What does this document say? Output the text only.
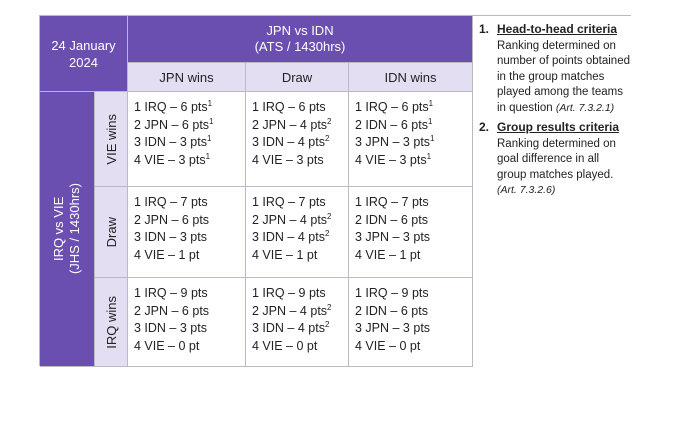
24 January
2024
JPN vs IDN
(ATS / 1430hrs)
JPN wins	Draw	IDN wins
IRQ vs VIE (JHS / 1430hrs)
VIE wins
Draw
IRQ wins
1 IRQ – 6 pts$^1$
2 JPN – 6 pts$^1$
3 IDN – 3 pts$^1$
4 VIE – 3 pts$^1$
1 IRQ – 6 pts
2 JPN – 4 pts$^2$
3 IDN – 4 pts$^2$
4 VIE – 3 pts
1 IRQ – 6 pts$^1$
2 IDN – 6 pts$^1$
3 JPN – 3 pts$^1$
4 VIE – 3 pts$^1$
1 IRQ – 7 pts
2 JPN – 6 pts
3 IDN – 3 pts
4 VIE – 1 pt
1 IRQ – 7 pts
2 JPN – 4 pts$^2$
3 IDN – 4 pts$^2$
4 VIE – 1 pt
1 IRQ – 7 pts
2 IDN – 6 pts
3 JPN – 3 pts
4 VIE – 1 pt
1 IRQ – 9 pts
2 JPN – 6 pts
3 IDN – 3 pts
4 VIE – 0 pt
1 IRQ – 9 pts
2 JPN – 4 pts$^2$
3 IDN – 4 pts$^2$
4 VIE – 0 pt
1 IRQ – 9 pts
2 IDN – 6 pts
3 JPN – 3 pts
4 VIE – 0 pt
1. Head-to-head criteria
Ranking determined on number of points obtained in the group matches played among the teams in question (Art. 7.3.2.1)
2. Group results criteria
Ranking determined on goal difference in all group matches played. (Art. 7.3.2.6)
